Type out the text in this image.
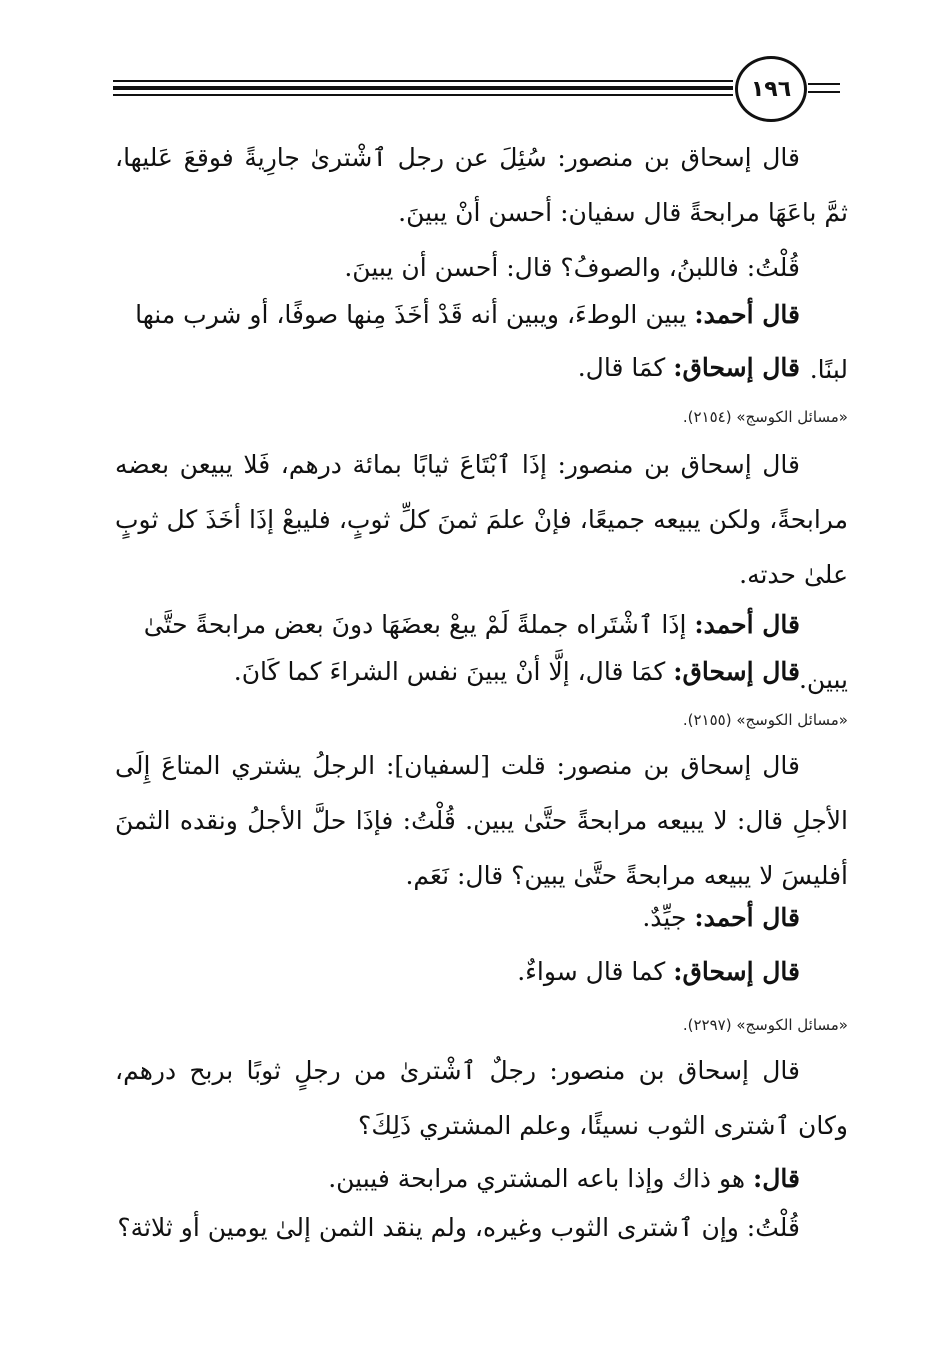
١٩٦
قال إسحاق بن منصور: سُئِلَ عن رجل ٱشْترىٰ جارِيةً فوقعَ عَليها، ثمَّ باعَهَا مرابحةً قال سفيان: أحسن أنْ يبينَ.
قُلْتُ: فاللبنُ، والصوفُ؟ قال: أحسن أن يبينَ.
قال أحمد: يبين الوطءَ، ويبين أنه قَدْ أخَذَ مِنها صوفًا، أو شرب منها لبنًا.
قال إسحاق: كمَا قال.
«مسائل الكوسج» (٢١٥٤).
قال إسحاق بن منصور: إذَا ٱبْتَاعَ ثيابًا بمائة درهم، فَلا يبيعن بعضه مرابحةً، ولكن يبيعه جميعًا، فإنْ علمَ ثمنَ كلِّ ثوبٍ، فليبعْ إذَا أخَذَ كل ثوبٍ علىٰ حدته.
قال أحمد: إذَا ٱشْتَراه جملةً لَمْ يبعْ بعضَهَا دونَ بعض مرابحةً حتَّىٰ يبين.
قال إسحاق: كمَا قال، إلَّا أنْ يبينَ نفس الشراءَ كما كَانَ.
«مسائل الكوسج» (٢١٥٥).
قال إسحاق بن منصور: قلت [لسفيان]: الرجلُ يشتري المتاعَ إِلَى الأجلِ قال: لا يبيعه مرابحةً حتَّىٰ يبين. قُلْتُ: فإذَا حلَّ الأجلُ ونقده الثمنَ أفليسَ لا يبيعه مرابحةً حتَّىٰ يبين؟ قال: نَعَم.
قال أحمد: جيِّدٌ.
قال إسحاق: كما قال سواءٌ.
«مسائل الكوسج» (٢٢٩٧).
قال إسحاق بن منصور: رجلٌ ٱشْترىٰ من رجلٍ ثوبًا بربح درهم، وكان ٱشترى الثوب نسيئًا، وعلم المشتري ذَلِكَ؟
قال: هو ذاك وإذا باعه المشتري مرابحة فيبين.
قُلْتُ: وإن ٱشترى الثوب وغيره، ولم ينقد الثمن إلىٰ يومين أو ثلاثة؟
